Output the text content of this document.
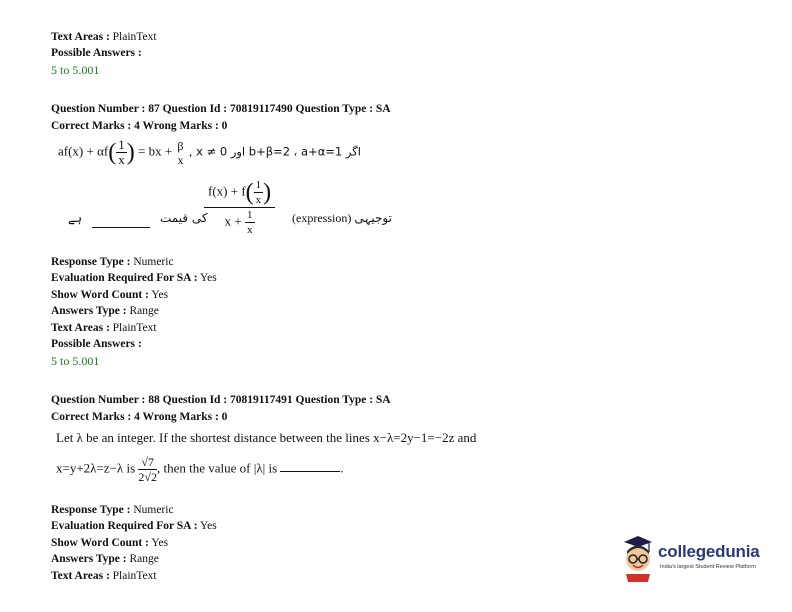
Text Areas : PlainText
Possible Answers :
5 to 5.001
Question Number : 87 Question Id : 70819117490 Question Type : SA
Correct Marks : 4 Wrong Marks : 0
$af(x) + \alpha f( \frac{1}{x}$ ) = bx + β
x
, x ≠ 0 اور b+β=2 ، a+α=1 اگر
$\frac{f(x) + f( \frac{1}{x} )}{x + \frac{1}{x}}$
ہے	کی قیمت	(expression) توجیہی
Response Type : Numeric
Evaluation Required For SA : Yes
Show Word Count : Yes
Answers Type : Range
Text Areas : PlainText
Possible Answers :
5 to 5.001
Question Number : 88 Question Id : 70819117491 Question Type : SA
Correct Marks : 4 Wrong Marks : 0
Let λ be an integer. If the shortest distance between the lines x−λ=2y−1=−2z and
x=y+2λ=z−λ is $\frac{√7}{2√2}$ , then the value of |λ| is	.
Response Type : Numeric
Evaluation Required For SA : Yes
Show Word Count : Yes
Answers Type : Range
Text Areas : PlainText
collegedunia
India's largest Student Review Platform
